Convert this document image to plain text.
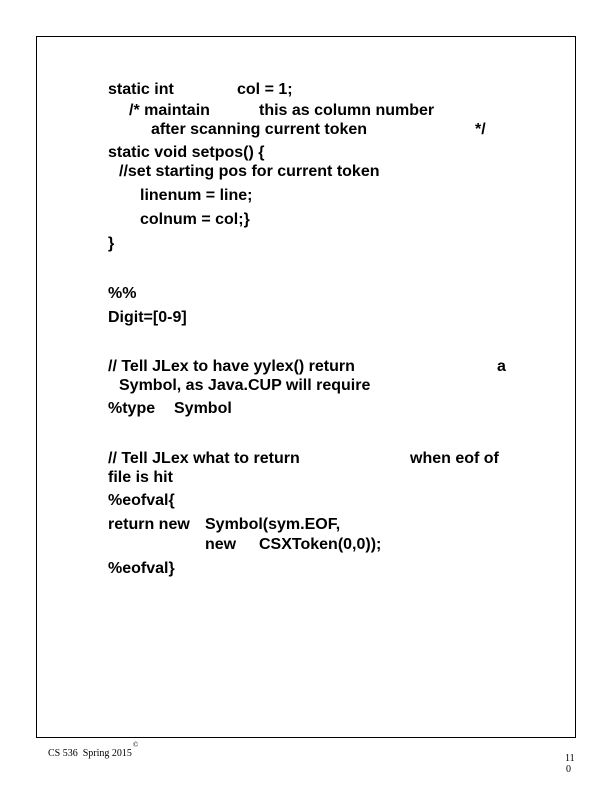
static int	col = 1;
/* maintain	this as column number
after scanning current token	*/
static void setpos() {
//set starting pos for current token
linenum = line;
colnum = col;}
}
%%
Digit=[0-9]
// Tell JLex to have yylex() return	a
Symbol, as Java.CUP will require
%type Symbol
// Tell JLex what to return	when eof of
file is hit
%eofval{
return new Symbol(sym.EOF,
new CSXToken(0,0));
%eofval}
CS 536  Spring 2015
©
11
0
